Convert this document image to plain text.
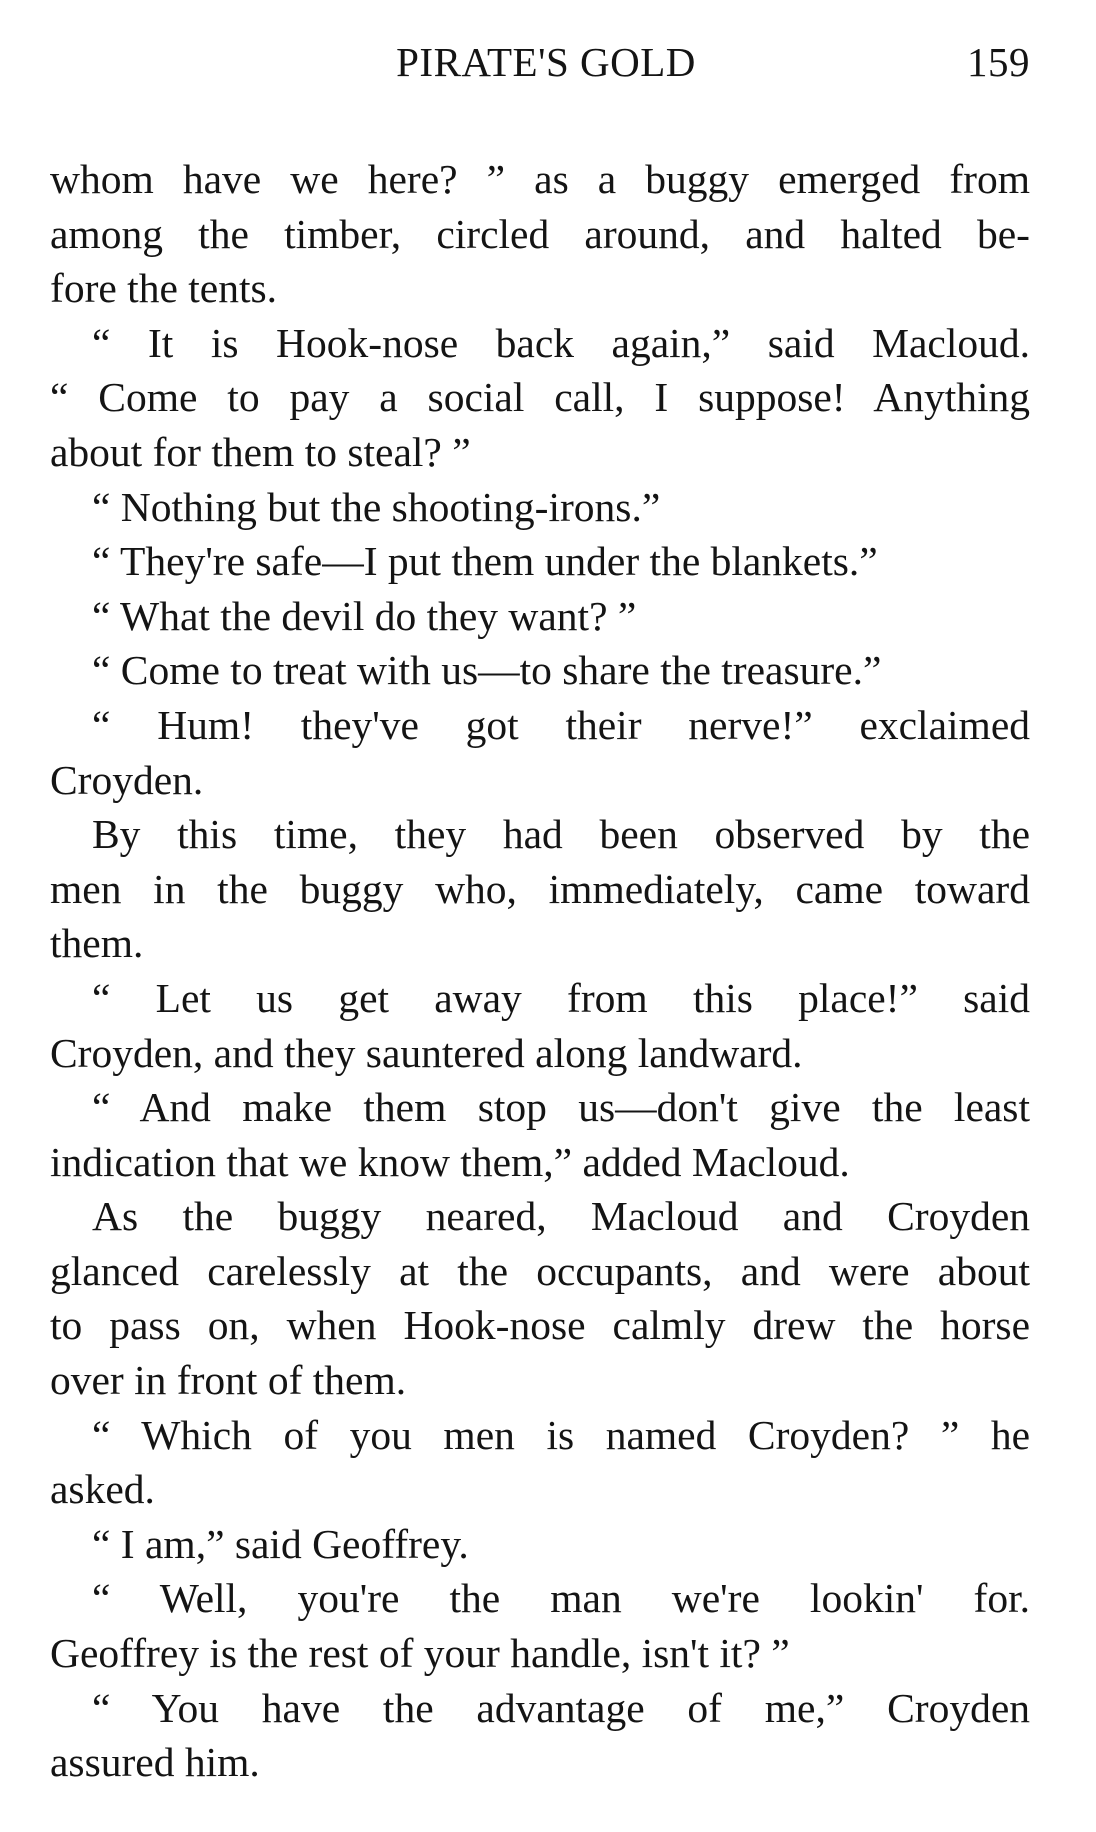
PIRATE'S GOLD	159

whom have we here? ” as a buggy emerged from
among the timber, circled around, and halted be-
fore the tents.

“ It is Hook-nose back again,” said Macloud.
“ Come to pay a social call, I suppose! Anything
about for them to steal? ”

“ Nothing but the shooting-irons.”

“ They're safe—I put them under the blankets.”

“ What the devil do they want? ”

“ Come to treat with us—to share the treasure.”

“ Hum! they've got their nerve!” exclaimed
Croyden.

By this time, they had been observed by the
men in the buggy who, immediately, came toward
them.

“ Let us get away from this place!” said
Croyden, and they sauntered along landward.

“ And make them stop us—don't give the least
indication that we know them,” added Macloud.

As the buggy neared, Macloud and Croyden
glanced carelessly at the occupants, and were about
to pass on, when Hook-nose calmly drew the horse
over in front of them.

“ Which of you men is named Croyden? ” he
asked.

“ I am,” said Geoffrey.

“ Well, you're the man we're lookin' for.
Geoffrey is the rest of your handle, isn't it? ”

“ You have the advantage of me,” Croyden
assured him.
